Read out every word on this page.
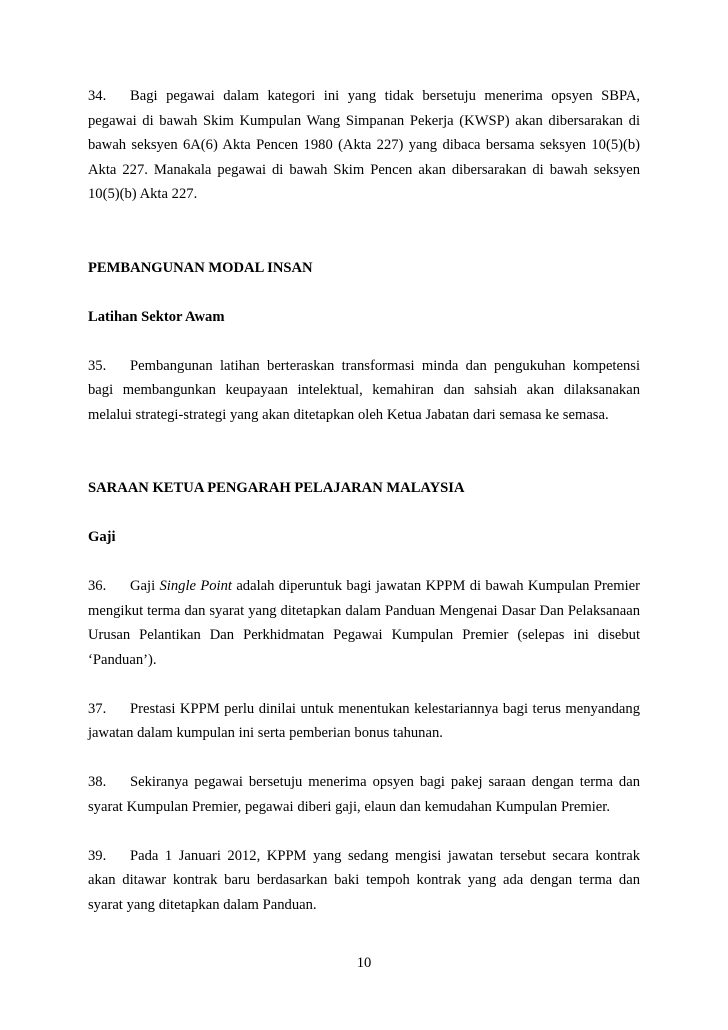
34. Bagi pegawai dalam kategori ini yang tidak bersetuju menerima opsyen SBPA, pegawai di bawah Skim Kumpulan Wang Simpanan Pekerja (KWSP) akan dibersarakan di bawah seksyen 6A(6) Akta Pencen 1980 (Akta 227) yang dibaca bersama seksyen 10(5)(b) Akta 227. Manakala pegawai di bawah Skim Pencen akan dibersarakan di bawah seksyen 10(5)(b) Akta 227.

PEMBANGUNAN MODAL INSAN

Latihan Sektor Awam

35. Pembangunan latihan berteraskan transformasi minda dan pengukuhan kompetensi bagi membangunkan keupayaan intelektual, kemahiran dan sahsiah akan dilaksanakan melalui strategi-strategi yang akan ditetapkan oleh Ketua Jabatan dari semasa ke semasa.

SARAAN KETUA PENGARAH PELAJARAN MALAYSIA

Gaji

36. Gaji Single Point adalah diperuntuk bagi jawatan KPPM di bawah Kumpulan Premier mengikut terma dan syarat yang ditetapkan dalam Panduan Mengenai Dasar Dan Pelaksanaan Urusan Pelantikan Dan Perkhidmatan Pegawai Kumpulan Premier (selepas ini disebut ‘Panduan’).

37. Prestasi KPPM perlu dinilai untuk menentukan kelestariannya bagi terus menyandang jawatan dalam kumpulan ini serta pemberian bonus tahunan.

38. Sekiranya pegawai bersetuju menerima opsyen bagi pakej saraan dengan terma dan syarat Kumpulan Premier, pegawai diberi gaji, elaun dan kemudahan Kumpulan Premier.

39. Pada 1 Januari 2012, KPPM yang sedang mengisi jawatan tersebut secara kontrak akan ditawar kontrak baru berdasarkan baki tempoh kontrak yang ada dengan terma dan syarat yang ditetapkan dalam Panduan.

10
